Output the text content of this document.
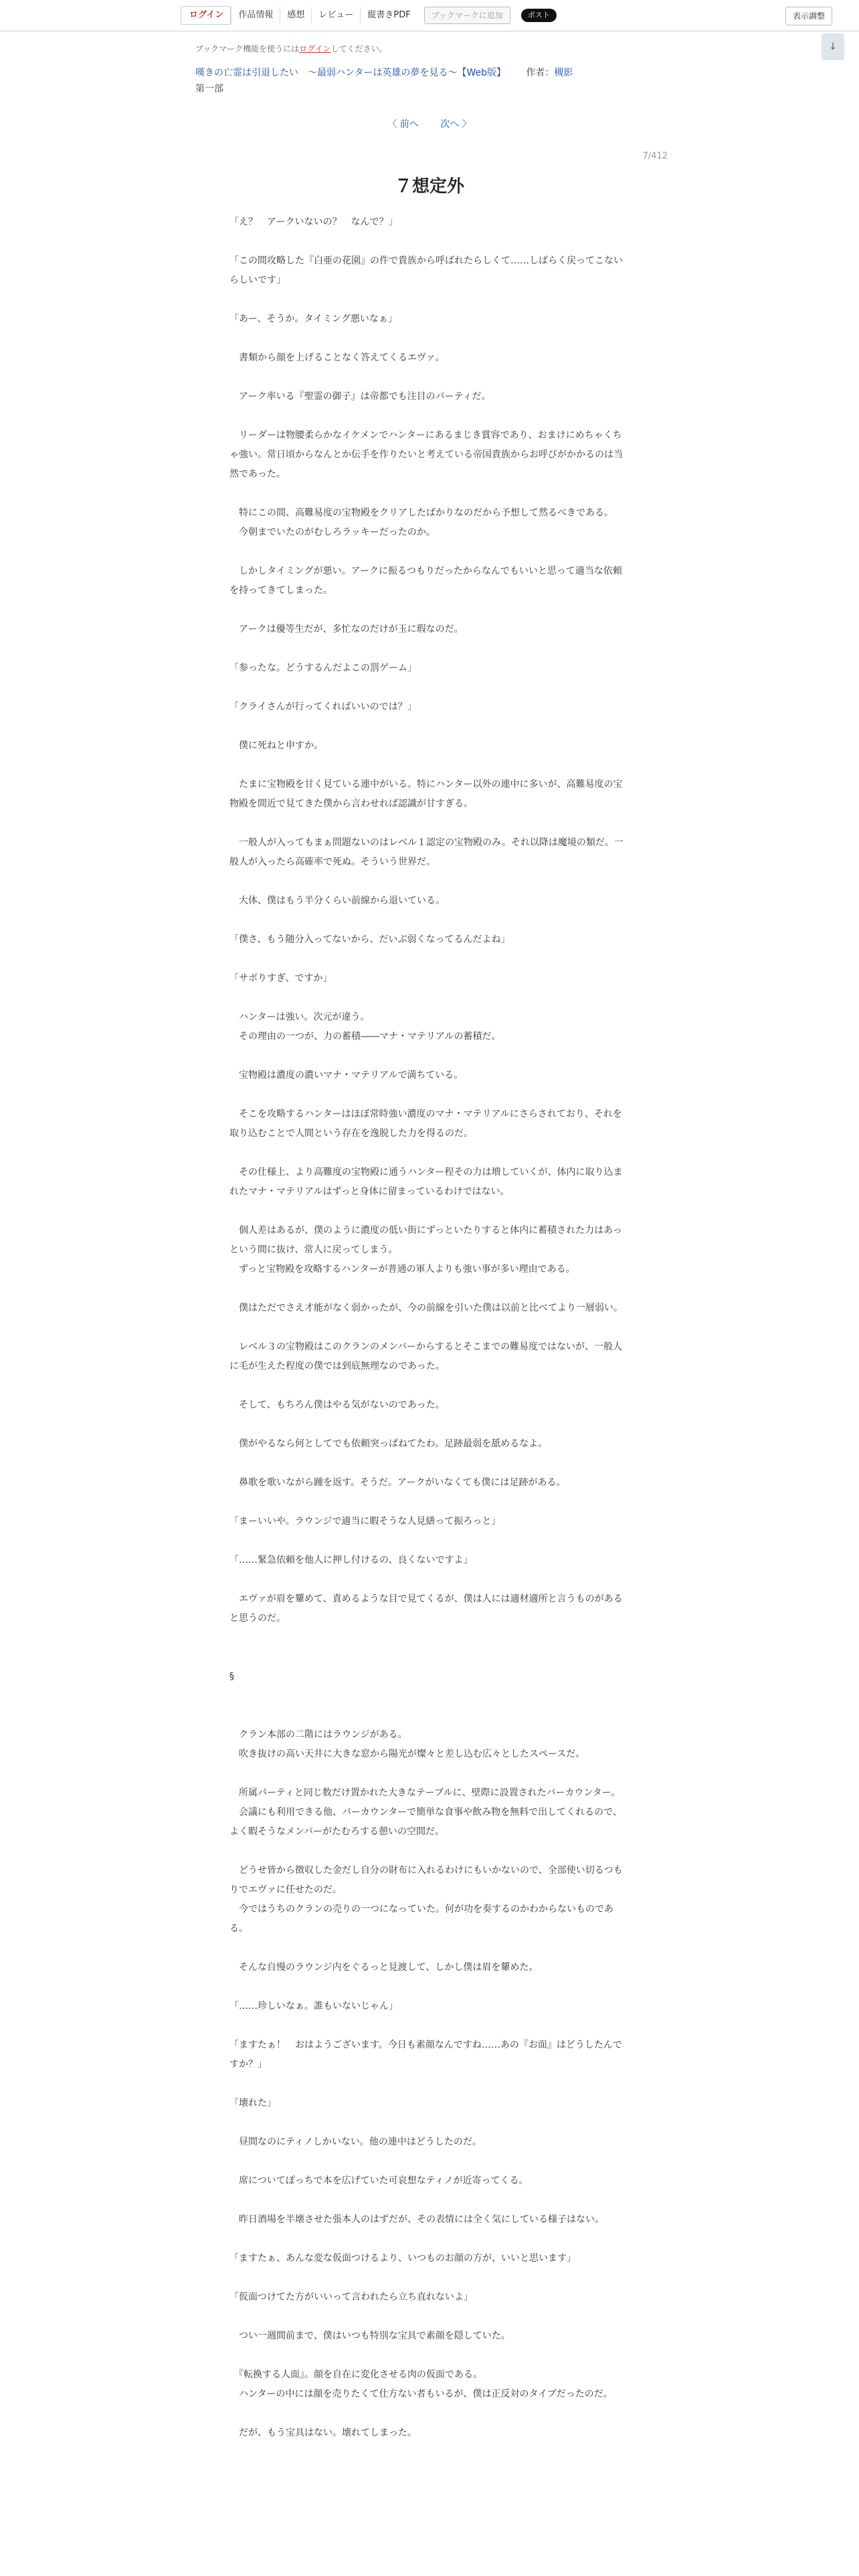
ログイン	作品情報	感想	レビュー	縦書きPDF	ブックマークに追加	ポスト	表示調整
↓
ブックマーク機能を使うにはログインしてください。
嘆きの亡霊は引退したい　～最弱ハンターは英雄の夢を見る～【Web版】 作者：槻影
第一部
〈 前へ 次へ 〉
7/412
７想定外

「え？　アークいないの？　なんで？」

「この間攻略した『白亜の花園』の件で貴族から呼ばれたらしくて……しばらく戻ってこないらしいです」

「あー、そうか。タイミング悪いなぁ」

　書類から顔を上げることなく答えてくるエヴァ。

　アーク率いる『聖霊の御子』は帝都でも注目のパーティだ。

　リーダーは物腰柔らかなイケメンでハンターにあるまじき賞容であり、おまけにめちゃくちゃ強い。常日頃からなんとか伝手を作りたいと考えている帝国貴族からお呼びがかかるのは当然であった。

　特にこの間、高難易度の宝物殿をクリアしたばかりなのだから予想して然るべきである。
　今朝までいたのがむしろラッキーだったのか。

　しかしタイミングが悪い。アークに振るつもりだったからなんでもいいと思って適当な依頼を持ってきてしまった。

　アークは優等生だが、多忙なのだけが玉に瑕なのだ。

「参ったな。どうするんだよこの罰ゲーム」

「クライさんが行ってくればいいのでは？」

　僕に死ねと申すか。

　たまに宝物殿を甘く見ている連中がいる。特にハンター以外の連中に多いが、高難易度の宝物殿を間近で見てきた僕から言わせれば認識が甘すぎる。

　一般人が入ってもまぁ問題ないのはレベル１認定の宝物殿のみ。それ以降は魔境の類だ。一般人が入ったら高確率で死ぬ。そういう世界だ。

　大体、僕はもう半分くらい前線から退いている。

「僕さ、もう随分入ってないから、だいぶ弱くなってるんだよね」

「サボりすぎ、ですか」

　ハンターは強い。次元が違う。
　その理由の一つが、力の蓄積――マナ・マテリアルの蓄積だ。

　宝物殿は濃度の濃いマナ・マテリアルで満ちている。

　そこを攻略するハンターはほぼ常時強い濃度のマナ・マテリアルにさらされており、それを取り込むことで人間という存在を逸脱した力を得るのだ。

　その仕様上、より高難度の宝物殿に通うハンター程その力は増していくが、体内に取り込まれたマナ・マテリアルはずっと身体に留まっているわけではない。

　個人差はあるが、僕のように濃度の低い街にずっといたりすると体内に蓄積された力はあっという間に抜け、常人に戻ってしまう。
　ずっと宝物殿を攻略するハンターが普通の軍人よりも強い事が多い理由である。

　僕はただでさえ才能がなく弱かったが、今の前線を引いた僕は以前と比べてより一層弱い。

　レベル３の宝物殿はこのクランのメンバーからするとそこまでの難易度ではないが、一般人に毛が生えた程度の僕では到底無理なのであった。

　そして、もちろん僕はやる気がないのであった。

　僕がやるなら何としてでも依頼突っぱねてたわ。足跡最弱を舐めるなよ。

　鼻歌を歌いながら踵を返す。そうだ。アークがいなくても僕には足跡がある。

「まーいいや。ラウンジで適当に暇そうな人見繕って振ろっと」

「……緊急依頼を他人に押し付けるの、良くないですよ」

　エヴァが眉を顰めて、責めるような目で見てくるが、僕は人には適材適所と言うものがあると思うのだ。

§

　クラン本部の二階にはラウンジがある。
　吹き抜けの高い天井に大きな窓から陽光が燦々と差し込む広々としたスペースだ。

　所属パーティと同じ数だけ置かれた大きなテーブルに、壁際に設置されたバーカウンター。
　会議にも利用できる他、バーカウンターで簡単な食事や飲み物を無料で出してくれるので、よく暇そうなメンバーがたむろする憩いの空間だ。

　どうせ皆から徴収した金だし自分の財布に入れるわけにもいかないので、全部使い切るつもりでエヴァに任せたのだ。
　今ではうちのクランの売りの一つになっていた。何が功を奏するのかわからないものである。

　そんな自慢のラウンジ内をぐるっと見渡して、しかし僕は眉を顰めた。

「……珍しいなぁ。誰もいないじゃん」

「ますたぁ！　おはようございます。今日も素顔なんですね……あの『お面』はどうしたんですか？」

「壊れた」

　昼間なのにティノしかいない。他の連中はどうしたのだ。

　席についてぽっちで本を広げていた可哀想なティノが近寄ってくる。

　昨日酒場を半壊させた張本人のはずだが、その表情には全く気にしている様子はない。

「ますたぁ、あんな変な仮面つけるより、いつものお顔の方が、いいと思います」

「仮面つけてた方がいいって言われたら立ち直れないよ」

　つい一週間前まで、僕はいつも特別な宝具で素顔を隠していた。

　『転換する人面』。顔を自在に変化させる肉の仮面である。
　ハンターの中には顔を売りたくて仕方ない者もいるが、僕は正反対のタイプだったのだ。

　だが、もう宝具はない。壊れてしまった。
